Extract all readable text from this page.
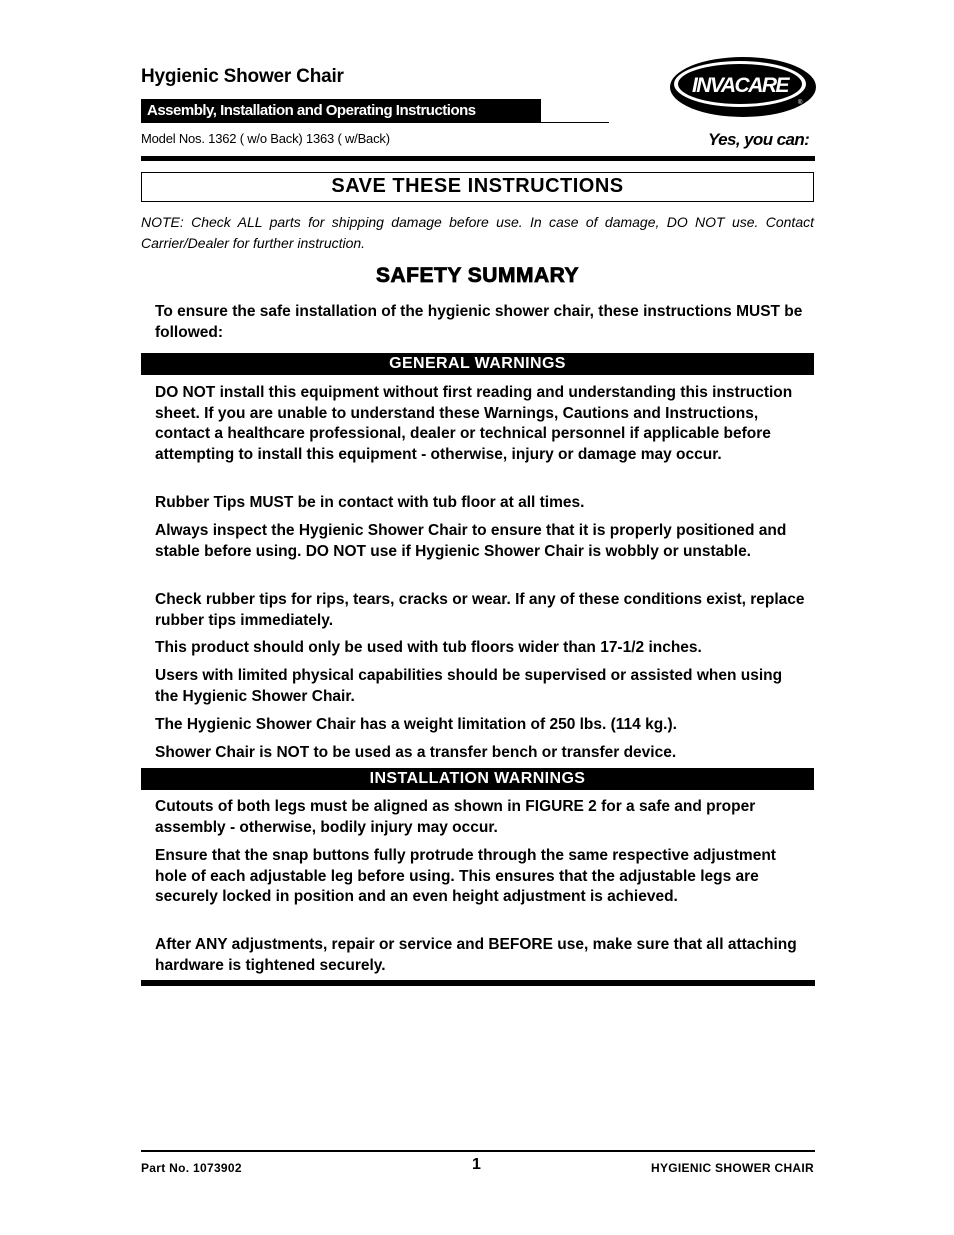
Hygienic Shower Chair
Assembly, Installation and Operating Instructions
Model Nos. 1362 ( w/o Back) 1363 ( w/Back)
INVACARE
®
Yes, you can:
SAVE THESE INSTRUCTIONS
NOTE: Check ALL parts for shipping damage before use. In case of damage, DO NOT use. Contact Carrier/Dealer for further instruction.
SAFETY SUMMARY
To ensure the safe installation of the hygienic shower chair, these instructions MUST be followed:
GENERAL WARNINGS
DO NOT install this equipment without first reading and understanding this instruction sheet. If you are unable to understand these Warnings, Cautions and Instructions, contact a healthcare professional, dealer or technical personnel if applicable before attempting to install this equipment - otherwise, injury or damage may occur.
Rubber Tips MUST be in contact with tub floor at all times.
Always inspect the Hygienic Shower Chair to ensure that it is properly positioned and stable before using. DO NOT use if Hygienic Shower Chair is wobbly or unstable.
Check rubber tips for rips, tears, cracks or wear. If any of these conditions exist, replace rubber tips immediately.
This product should only be used with tub floors wider than 17-1/2 inches.
Users with limited physical capabilities should be supervised or assisted when using the Hygienic Shower Chair.
The Hygienic Shower Chair has a weight limitation of 250 lbs. (114 kg.).
Shower Chair is NOT to be used as a transfer bench or transfer device.
INSTALLATION WARNINGS
Cutouts of both legs must be aligned as shown in FIGURE 2 for a safe and proper assembly - otherwise, bodily injury may occur.
Ensure that the snap buttons fully protrude through the same respective adjustment hole of each adjustable leg before using. This ensures that the adjustable legs are securely locked in position and an even height adjustment is achieved.
After ANY adjustments, repair or service and BEFORE use, make sure that all attaching hardware is tightened securely.
Part No. 1073902	1	HYGIENIC SHOWER CHAIR
